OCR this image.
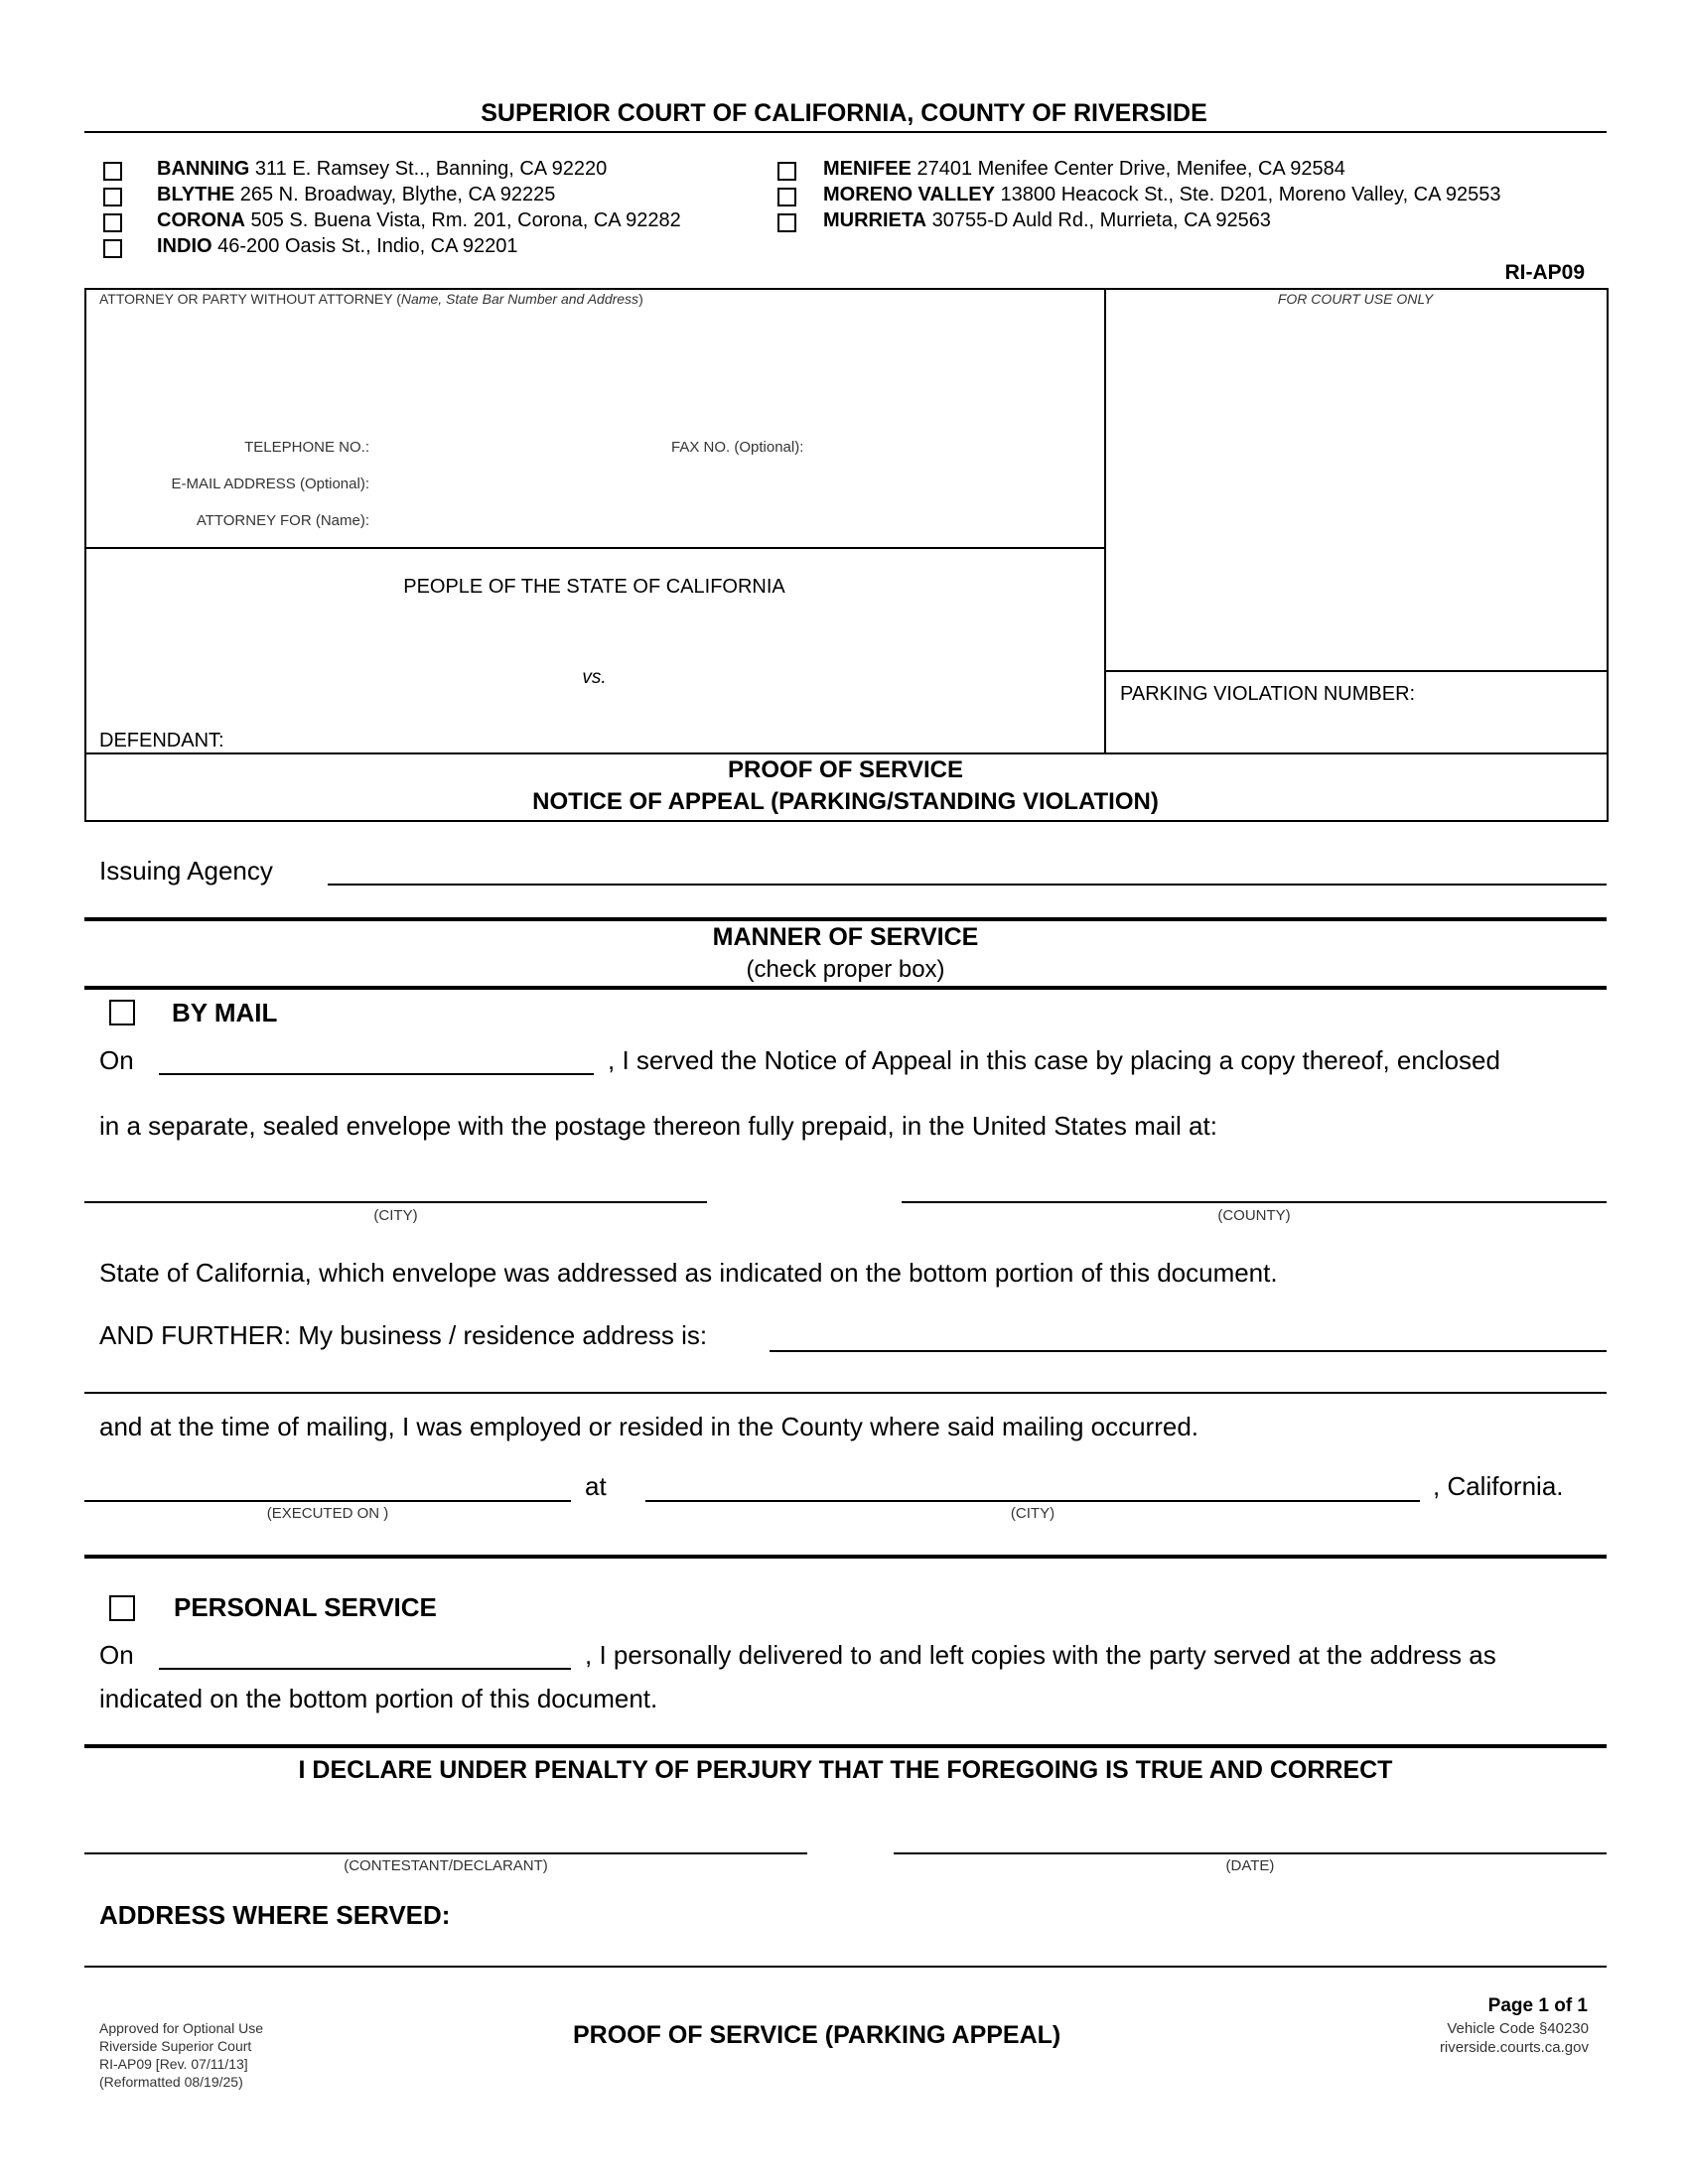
SUPERIOR COURT OF CALIFORNIA, COUNTY OF RIVERSIDE
BANNING 311 E. Ramsey St.., Banning, CA 92220
BLYTHE 265 N. Broadway, Blythe, CA 92225
CORONA 505 S. Buena Vista, Rm. 201, Corona, CA 92282
INDIO 46-200 Oasis St., Indio, CA 92201
MENIFEE 27401 Menifee Center Drive, Menifee, CA 92584
MORENO VALLEY 13800 Heacock St., Ste. D201, Moreno Valley, CA 92553
MURRIETA 30755-D Auld Rd., Murrieta, CA 92563
RI-AP09
ATTORNEY OR PARTY WITHOUT ATTORNEY (Name, State Bar Number and Address)	FOR COURT USE ONLY
TELEPHONE NO.:	FAX NO. (Optional):
E-MAIL ADDRESS (Optional):
ATTORNEY FOR (Name):
PEOPLE OF THE STATE OF CALIFORNIA
vs.
DEFENDANT:
PARKING VIOLATION NUMBER:
PROOF OF SERVICE
NOTICE OF APPEAL (PARKING/STANDING VIOLATION)
Issuing Agency
MANNER OF SERVICE
(check proper box)
BY MAIL
On	, I served the Notice of Appeal in this case by placing a copy thereof, enclosed
in a separate, sealed envelope with the postage thereon fully prepaid, in the United States mail at:
(CITY)	(COUNTY)
State of California, which envelope was addressed as indicated on the bottom portion of this document.
AND FURTHER: My business / residence address is:
and at the time of mailing, I was employed or resided in the County where said mailing occurred.
(EXECUTED ON )
at
(CITY)
, California.
PERSONAL SERVICE
On	, I personally delivered to and left copies with the party served at the address as
indicated on the bottom portion of this document.
I DECLARE UNDER PENALTY OF PERJURY THAT THE FOREGOING IS TRUE AND CORRECT
(CONTESTANT/DECLARANT)	(DATE)
ADDRESS WHERE SERVED:
Page 1 of 1
Approved for Optional Use
Riverside Superior Court
RI-AP09 [Rev. 07/11/13]
(Reformatted 08/19/25)
PROOF OF SERVICE (PARKING APPEAL)	Vehicle Code §40230
riverside.courts.ca.gov
